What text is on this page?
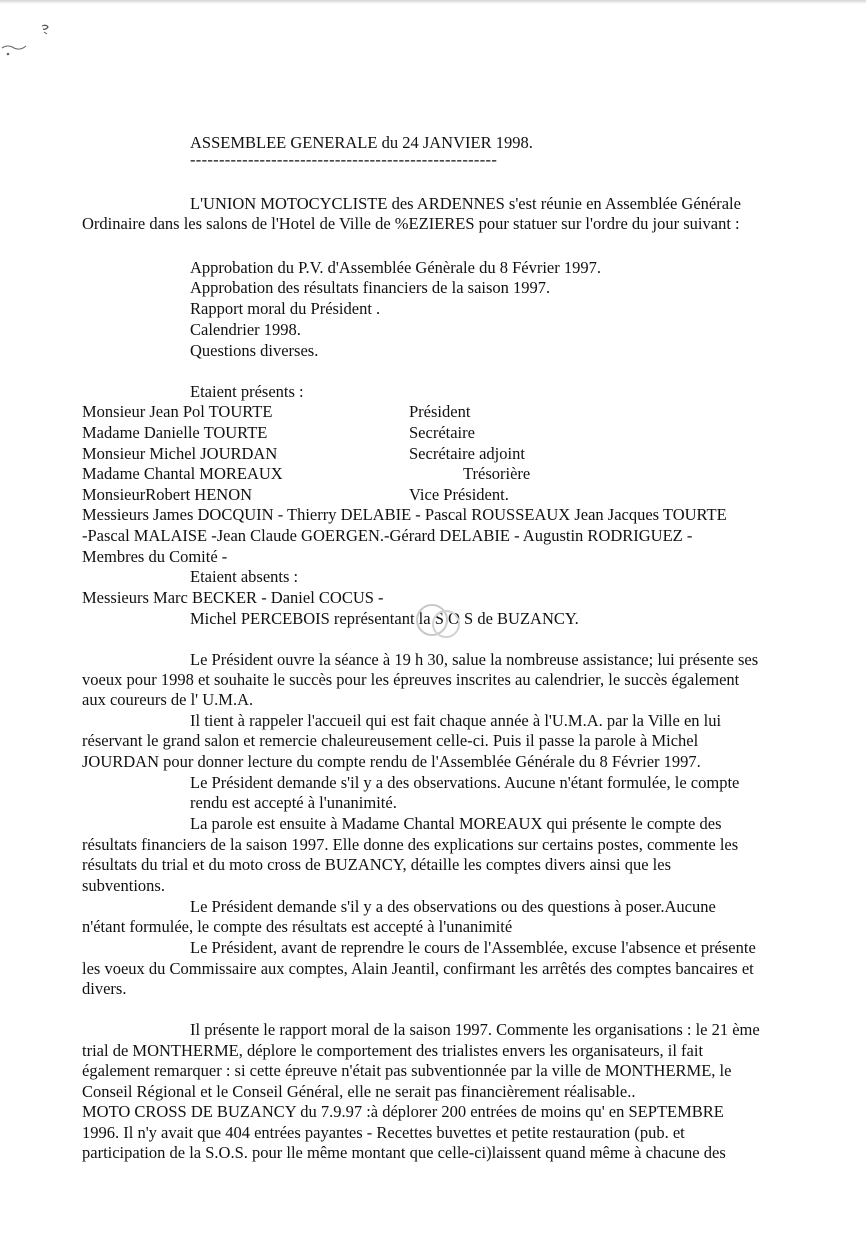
ASSEMBLEE GENERALE du 24 JANVIER 1998.
-----------------------------------------------------
L'UNION MOTOCYCLISTE des ARDENNES s'est réunie en Assemblée Générale
Ordinaire dans les salons de l'Hotel de Ville de %EZIERES pour statuer sur l'ordre du jour suivant :
Approbation du P.V. d'Assemblée Génèrale du 8 Février 1997.
Approbation des résultats financiers de la saison 1997.
Rapport moral du Président .
Calendrier 1998.
Questions diverses.
Etaient présents :
Monsieur Jean Pol TOURTE	Président
Madame Danielle TOURTE	Secrétaire
Monsieur Michel JOURDAN	Secrétaire adjoint
Madame Chantal MOREAUX	Trésorière
MonsieurRobert HENON	Vice Président.
Messieurs James DOCQUIN - Thierry DELABIE - Pascal ROUSSEAUX Jean Jacques TOURTE
-Pascal MALAISE -Jean Claude GOERGEN.-Gérard DELABIE - Augustin RODRIGUEZ -
Membres du Comité -
Etaient absents :
Messieurs Marc BECKER - Daniel COCUS -
Michel PERCEBOIS représentant la S O S de BUZANCY.
Le Président ouvre la séance à 19 h 30, salue la nombreuse assistance; lui présente ses
voeux pour 1998 et souhaite le succès pour les épreuves inscrites au calendrier, le succès également
aux coureurs de l' U.M.A.
Il tient à rappeler l'accueil qui est fait chaque année à l'U.M.A. par la Ville en lui
réservant le grand salon et remercie chaleureusement celle-ci. Puis il passe la parole à Michel
JOURDAN pour donner lecture du compte rendu de l'Assemblée Générale du 8 Février 1997.
Le Président demande s'il y a des observations. Aucune n'étant formulée, le compte
rendu est accepté à l'unanimité.
La parole est ensuite à Madame Chantal MOREAUX qui présente le compte des
résultats financiers de la saison 1997. Elle donne des explications sur certains postes, commente les
résultats du trial et du moto cross de BUZANCY, détaille les comptes divers ainsi que les
subventions.
Le Président demande s'il y a des observations ou des questions à poser.Aucune
n'étant formulée, le compte des résultats est accepté à l'unanimité
Le Président, avant de reprendre le cours de l'Assemblée, excuse l'absence et présente
les voeux du Commissaire aux comptes, Alain Jeantil, confirmant les arrêtés des comptes bancaires et
divers.
Il présente le rapport moral de la saison 1997. Commente les organisations : le 21 ème
trial de MONTHERME, déplore le comportement des trialistes envers les organisateurs, il fait
également remarquer : si cette épreuve n'était pas subventionnée par la ville de MONTHERME, le
Conseil Régional et le Conseil Général, elle ne serait pas financièrement réalisable..
MOTO CROSS DE BUZANCY du 7.9.97 :à déplorer 200 entrées de moins qu' en SEPTEMBRE
1996. Il n'y avait que 404 entrées payantes - Recettes buvettes et petite restauration (pub. et
participation de la S.O.S. pour lle même montant que celle-ci)laissent quand même à chacune des
